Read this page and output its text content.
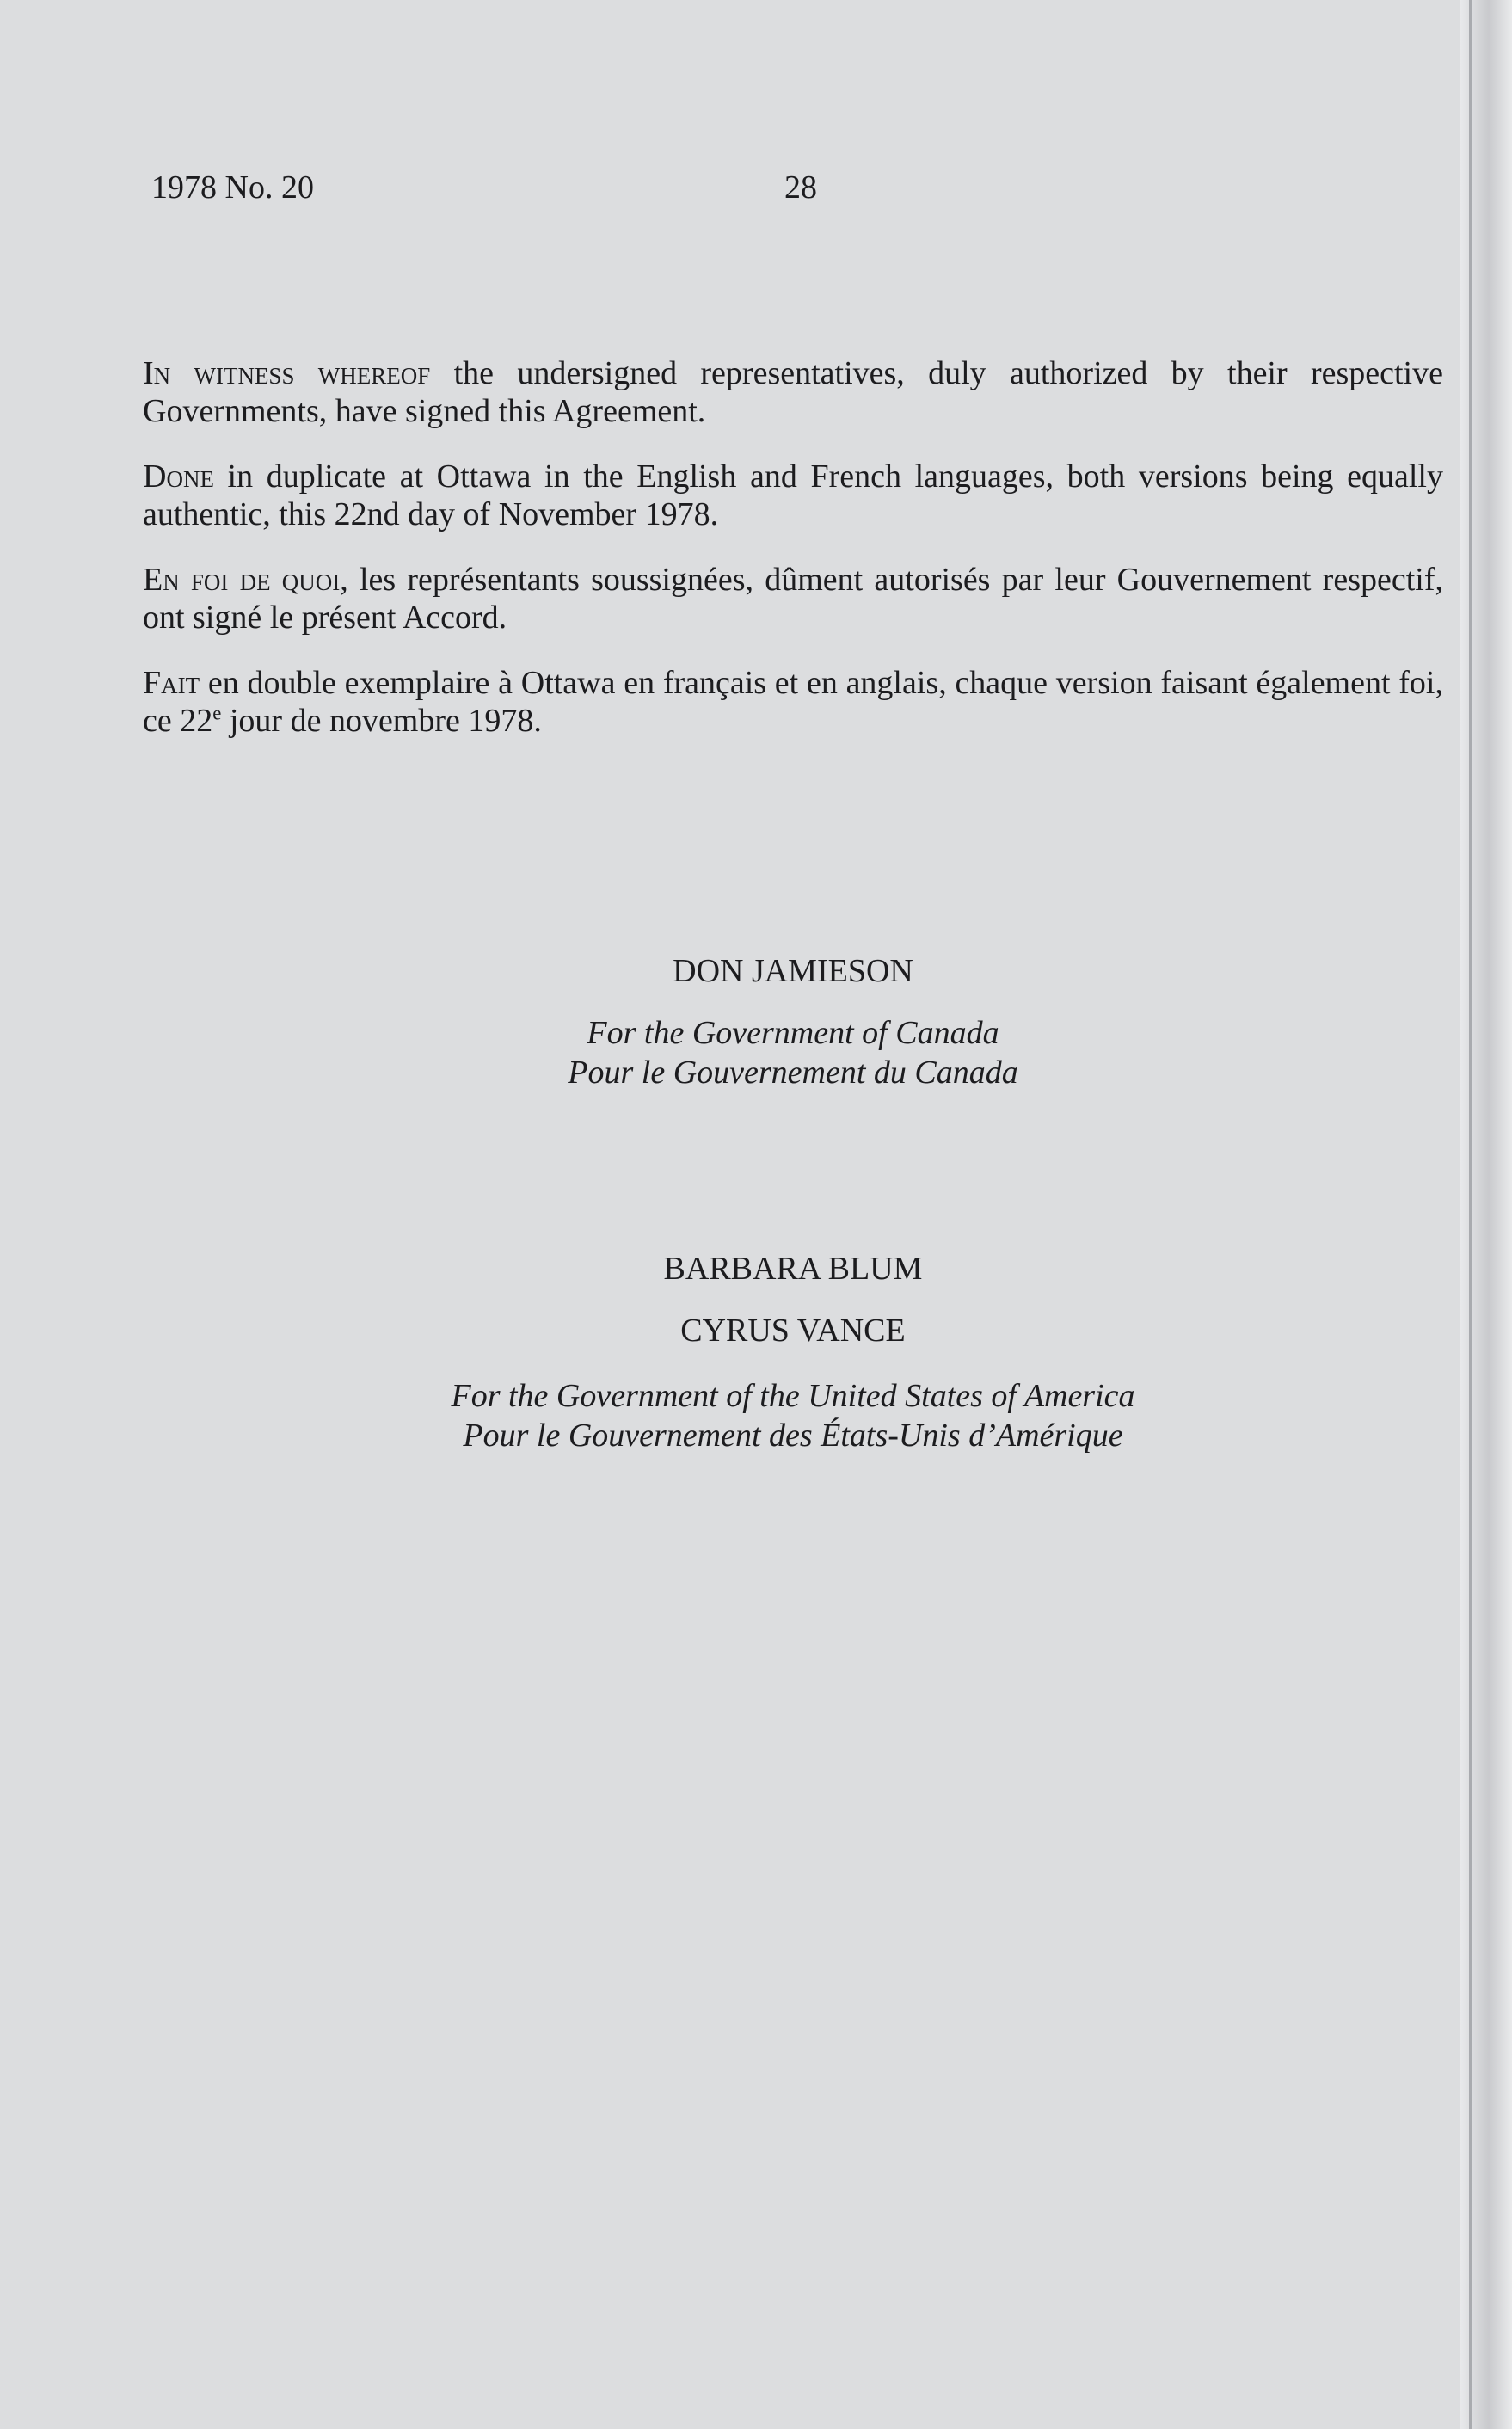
1978 No. 20	28
In witness whereof the undersigned representatives, duly authorized by their respective Governments, have signed this Agreement.
Done in duplicate at Ottawa in the English and French languages, both versions being equally authentic, this 22nd day of November 1978.
En foi de quoi, les représentants soussignées, dûment autorisés par leur Gouvernement respectif, ont signé le présent Accord.
Fait en double exemplaire à Ottawa en français et en anglais, chaque version faisant également foi, ce 22e jour de novembre 1978.
DON JAMIESON
For the Government of Canada
Pour le Gouvernement du Canada
BARBARA BLUM
CYRUS VANCE
For the Government of the United States of America
Pour le Gouvernement des États-Unis d’Amérique
